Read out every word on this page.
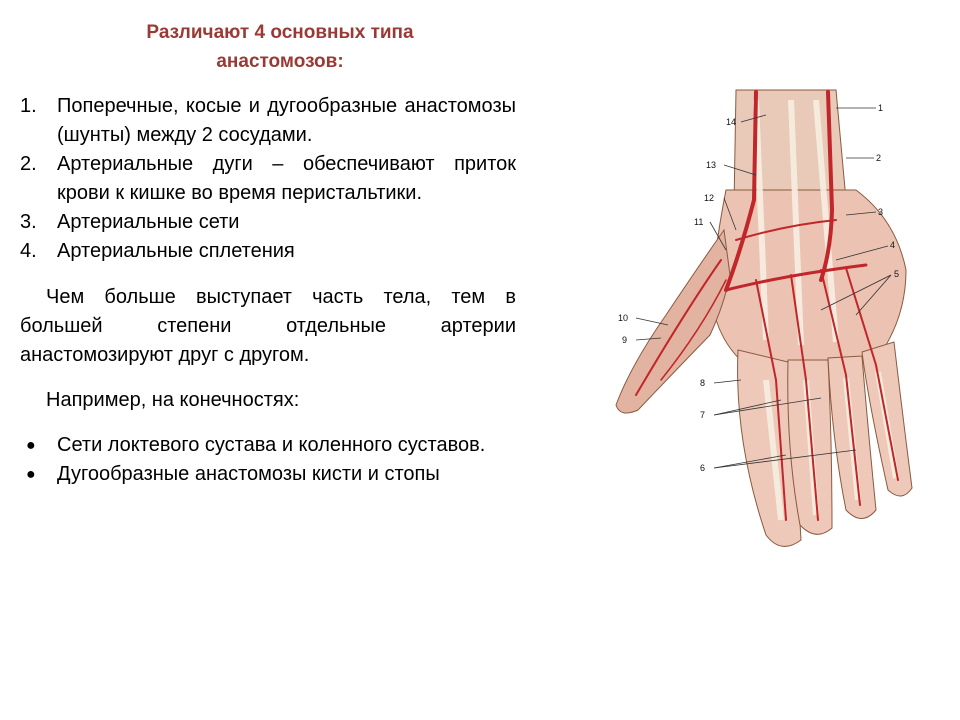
Различают 4 основных типа
анастомозов:
1. Поперечные, косые и дугообразные анастомозы (шунты) между 2 сосудами.
2. Артериальные дуги – обеспечивают приток крови к кишке во время перистальтики.
3. Артериальные сети
4. Артериальные сплетения
Чем больше выступает часть тела, тем в большей степени отдельные артерии анастомозируют друг с другом.
Например, на конечностях:
● Сети локтевого сустава и коленного суставов.
● Дугообразные анастомозы кисти и стопы
14
1
13
2
12
3
11
4
5
10
9
8
7
6
